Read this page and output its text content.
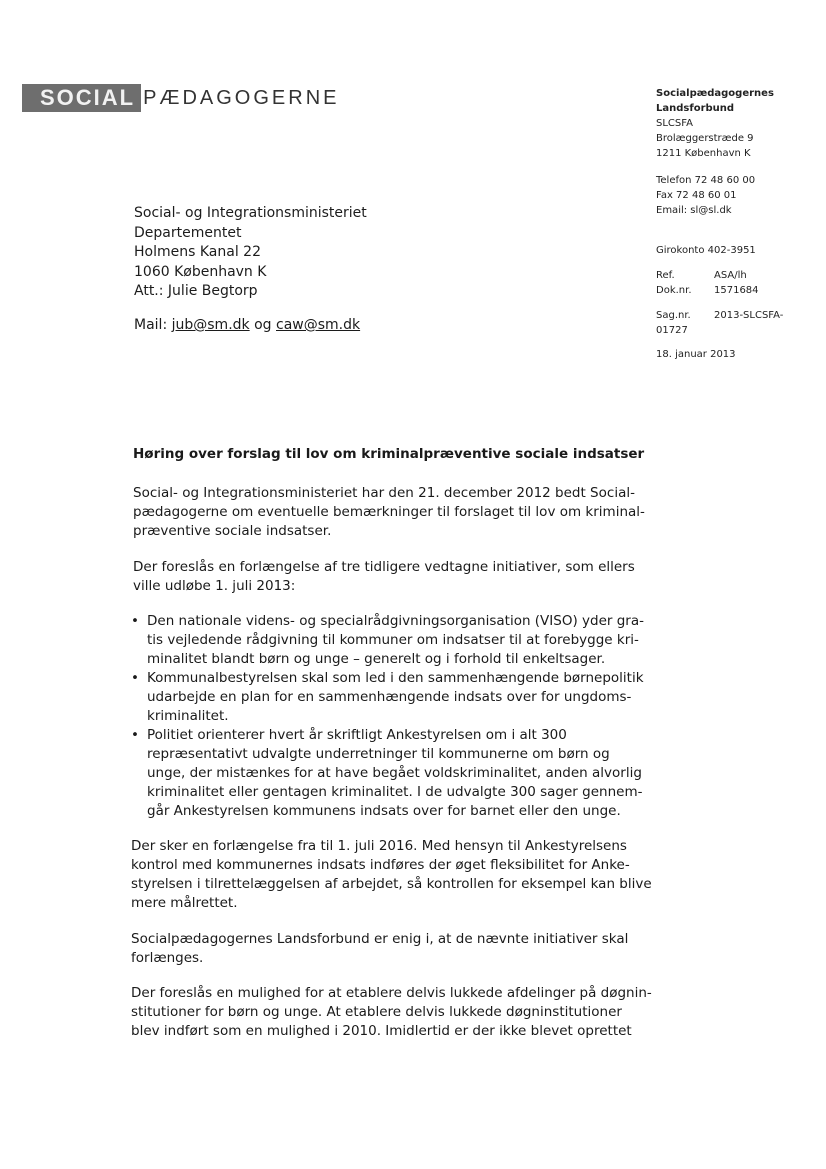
SOCIAL PÆDAGOGERNE	Socialpædagogernes
Landsforbund
SLCSFA
Brolæggerstræde 9
1211 København K
Telefon 72 48 60 00
Fax 72 48 60 01
Email: sl@sl.dk
Girokonto 402-3951
Ref.	ASA/lh
Dok.nr.	1571684
Sag.nr.	2013-SLCSFA-
01727
18. januar 2013
Social- og Integrationsministeriet
Departementet
Holmens Kanal 22
1060 København K
Att.: Julie Begtorp
Mail: jub@sm.dk og caw@sm.dk
Høring over forslag til lov om kriminalpræventive sociale indsatser

Social- og Integrationsministeriet har den 21. december 2012 bedt Social-

pædagogerne om eventuelle bemærkninger til forslaget til lov om kriminal-

præventive sociale indsatser.

Der foreslås en forlængelse af tre tidligere vedtagne initiativer, som ellers

ville udløbe 1. juli 2013:

• Den nationale videns- og specialrådgivningsorganisation (VISO) yder gra-

tis vejledende rådgivning til kommuner om indsatser til at forebygge kri-

minalitet blandt børn og unge – generelt og i forhold til enkeltsager.

• Kommunalbestyrelsen skal som led i den sammenhængende børnepolitik

udarbejde en plan for en sammenhængende indsats over for ungdoms-

kriminalitet.

• Politiet orienterer hvert år skriftligt Ankestyrelsen om i alt 300

repræsentativt udvalgte underretninger til kommunerne om børn og

unge, der mistænkes for at have begået voldskriminalitet, anden alvorlig

kriminalitet eller gentagen kriminalitet. I de udvalgte 300 sager gennem-

går Ankestyrelsen kommunens indsats over for barnet eller den unge.

Der sker en forlængelse fra til 1. juli 2016. Med hensyn til Ankestyrelsens

kontrol med kommunernes indsats indføres der øget fleksibilitet for Anke-

styrelsen i tilrettelæggelsen af arbejdet, så kontrollen for eksempel kan blive

mere målrettet.

Socialpædagogernes Landsforbund er enig i, at de nævnte initiativer skal

forlænges.

Der foreslås en mulighed for at etablere delvis lukkede afdelinger på døgnin-

stitutioner for børn og unge. At etablere delvis lukkede døgninstitutioner

blev indført som en mulighed i 2010. Imidlertid er der ikke blevet oprettet
